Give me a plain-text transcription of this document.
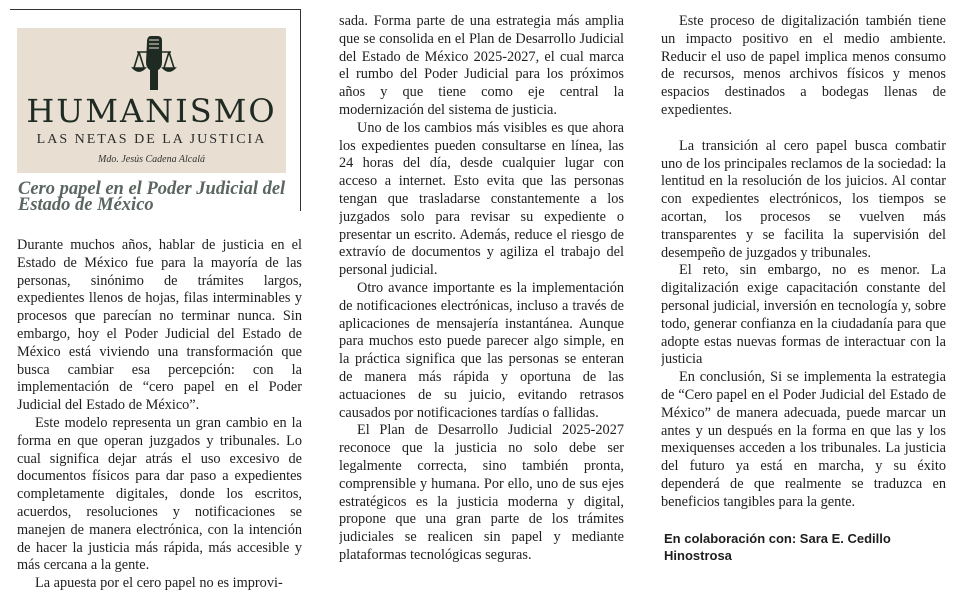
HUMANISMO
LAS NETAS DE LA JUSTICIA
Mdo. Jesús Cadena Alcalá
Cero papel en el Poder Judicial del Estado de México

Durante muchos años, hablar de justicia en el Estado de México fue para la mayoría de las personas, sinónimo de trámites largos, expedientes llenos de hojas, filas interminables y procesos que parecían no terminar nunca. Sin embargo, hoy el Poder Judicial del Estado de México está viviendo una transformación que busca cambiar esa percepción: con la implementación de “cero papel en el Poder Judicial del Estado de México”.

Este modelo representa un gran cambio en la forma en que operan juzgados y tribunales. Lo cual significa dejar atrás el uso excesivo de documentos físicos para dar paso a expedientes completamente digitales, donde los escritos, acuerdos, resoluciones y notificaciones se manejen de manera electrónica, con la intención de hacer la justicia más rápida, más accesible y más cercana a la gente.

La apuesta por el cero papel no es improvi-

sada. Forma parte de una estrategia más amplia que se consolida en el Plan de Desarrollo Judicial del Estado de México 2025-2027, el cual marca el rumbo del Poder Judicial para los próximos años y que tiene como eje central la modernización del sistema de justicia.

Uno de los cambios más visibles es que ahora los expedientes pueden consultarse en línea, las 24 horas del día, desde cualquier lugar con acceso a internet. Esto evita que las personas tengan que trasladarse constantemente a los juzgados solo para revisar su expediente o presentar un escrito. Además, reduce el riesgo de extravío de documentos y agiliza el trabajo del personal judicial.

Otro avance importante es la implementación de notificaciones electrónicas, incluso a través de aplicaciones de mensajería instantánea. Aunque para muchos esto puede parecer algo simple, en la práctica significa que las personas se enteran de manera más rápida y oportuna de las actuaciones de su juicio, evitando retrasos causados por notificaciones tardías o fallidas.

El Plan de Desarrollo Judicial 2025-2027 reconoce que la justicia no solo debe ser legalmente correcta, sino también pronta, comprensible y humana. Por ello, uno de sus ejes estratégicos es la justicia moderna y digital, propone que una gran parte de los trámites judiciales se realicen sin papel y mediante plataformas tecnológicas seguras.

Este proceso de digitalización también tiene un impacto positivo en el medio ambiente. Reducir el uso de papel implica menos consumo de recursos, menos archivos físicos y menos espacios destinados a bodegas llenas de expedientes.

La transición al cero papel busca combatir uno de los principales reclamos de la sociedad: la lentitud en la resolución de los juicios. Al contar con expedientes electrónicos, los tiempos se acortan, los procesos se vuelven más transparentes y se facilita la supervisión del desempeño de juzgados y tribunales.

El reto, sin embargo, no es menor. La digitalización exige capacitación constante del personal judicial, inversión en tecnología y, sobre todo, generar confianza en la ciudadanía para que adopte estas nuevas formas de interactuar con la justicia

En conclusión, Si se implementa la estrategia de “Cero papel en el Poder Judicial del Estado de México” de manera adecuada, puede marcar un antes y un después en la forma en que las y los mexiquenses acceden a los tribunales. La justicia del futuro ya está en marcha, y su éxito dependerá de que realmente se traduzca en beneficios tangibles para la gente.

En colaboración con: Sara E. Cedillo Hinostrosa
